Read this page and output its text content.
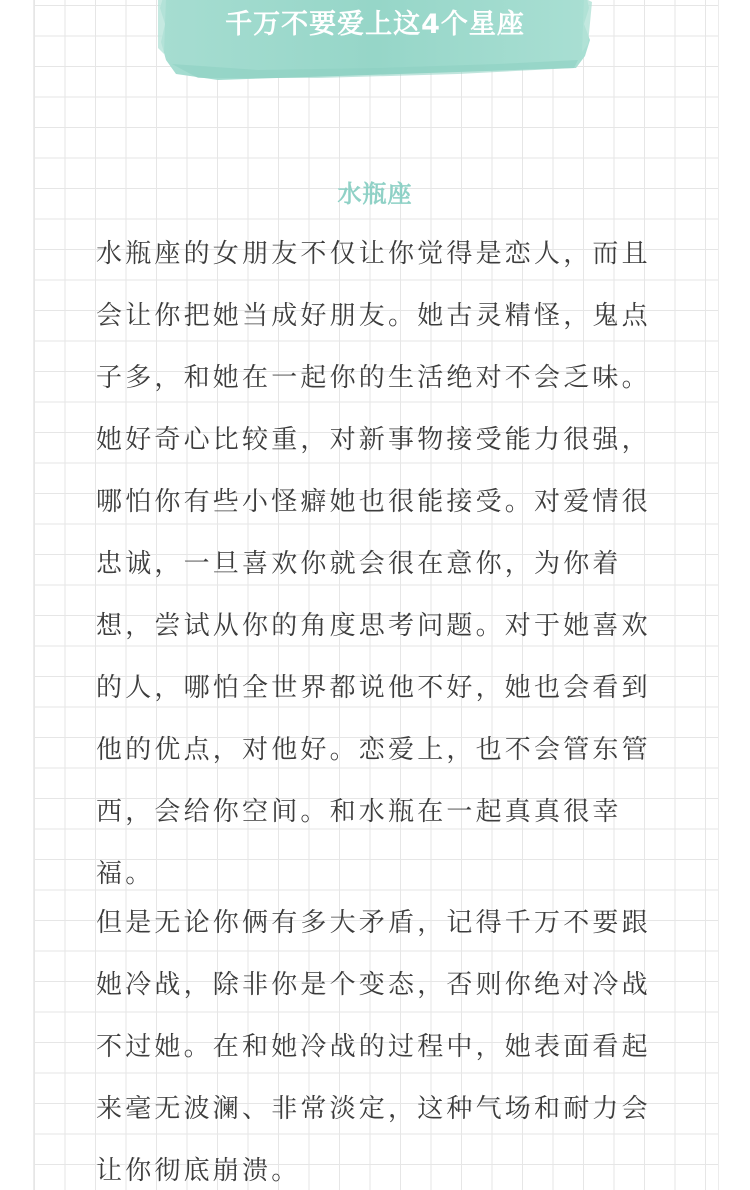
千万不要爱上这4个星座
水瓶座

水瓶座的女朋友不仅让你觉得是恋人，而且会让你把她当成好朋友。她古灵精怪，鬼点子多，和她在一起你的生活绝对不会乏味。她好奇心比较重，对新事物接受能力很强，哪怕你有些小怪癖她也很能接受。对爱情很忠诚，一旦喜欢你就会很在意你，为你着想，尝试从你的角度思考问题。对于她喜欢的人，哪怕全世界都说他不好，她也会看到他的优点，对他好。恋爱上，也不会管东管西，会给你空间。和水瓶在一起真真很幸福。

但是无论你俩有多大矛盾，记得千万不要跟她冷战，除非你是个变态，否则你绝对冷战不过她。在和她冷战的过程中，她表面看起来毫无波澜、非常淡定，这种气场和耐力会让你彻底崩溃。
